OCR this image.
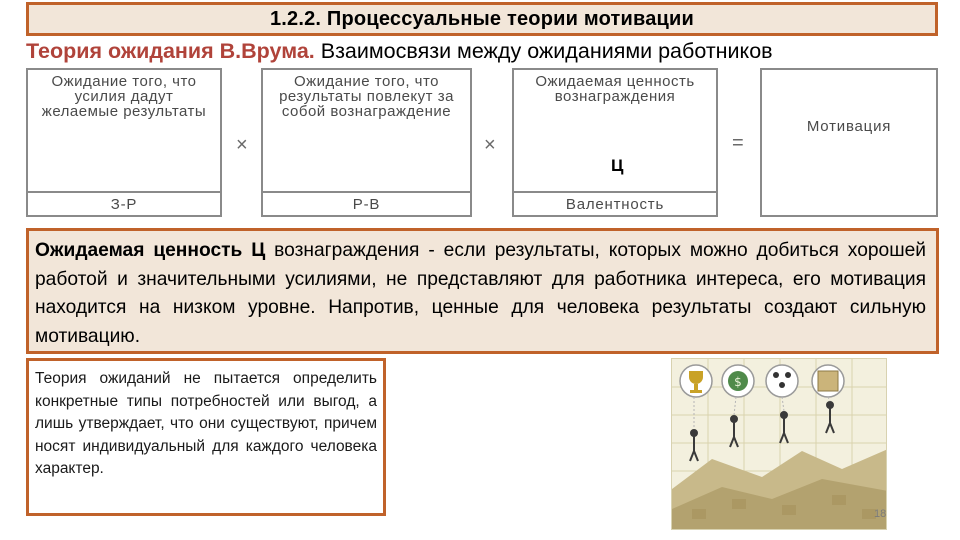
1.2.2. Процессуальные теории мотивации
Теория ожидания В.Врума. Взаимосвязи между ожиданиями работников
Ожидание того, что усилия дадут желаемые результаты
З-Р
×
Ожидание того, что результаты повлекут за собой вознаграждение
Р-В
×
Ожидаемая ценность вознаграждения
Валентность
Ц
=
Мотивация

Ожидаемая ценность Ц вознаграждения - если результаты, которых можно добиться хорошей работой и значительными усилиями, не представляют для работника интереса, его мотивация находится на низком уровне. Напротив, ценные для человека результаты создают сильную мотивацию.

Теория ожиданий не пытается определить конкретные типы потребностей или выгод, а лишь утверждает, что они существуют, причем носят индивидуальный для каждого человека характер.

$
18
